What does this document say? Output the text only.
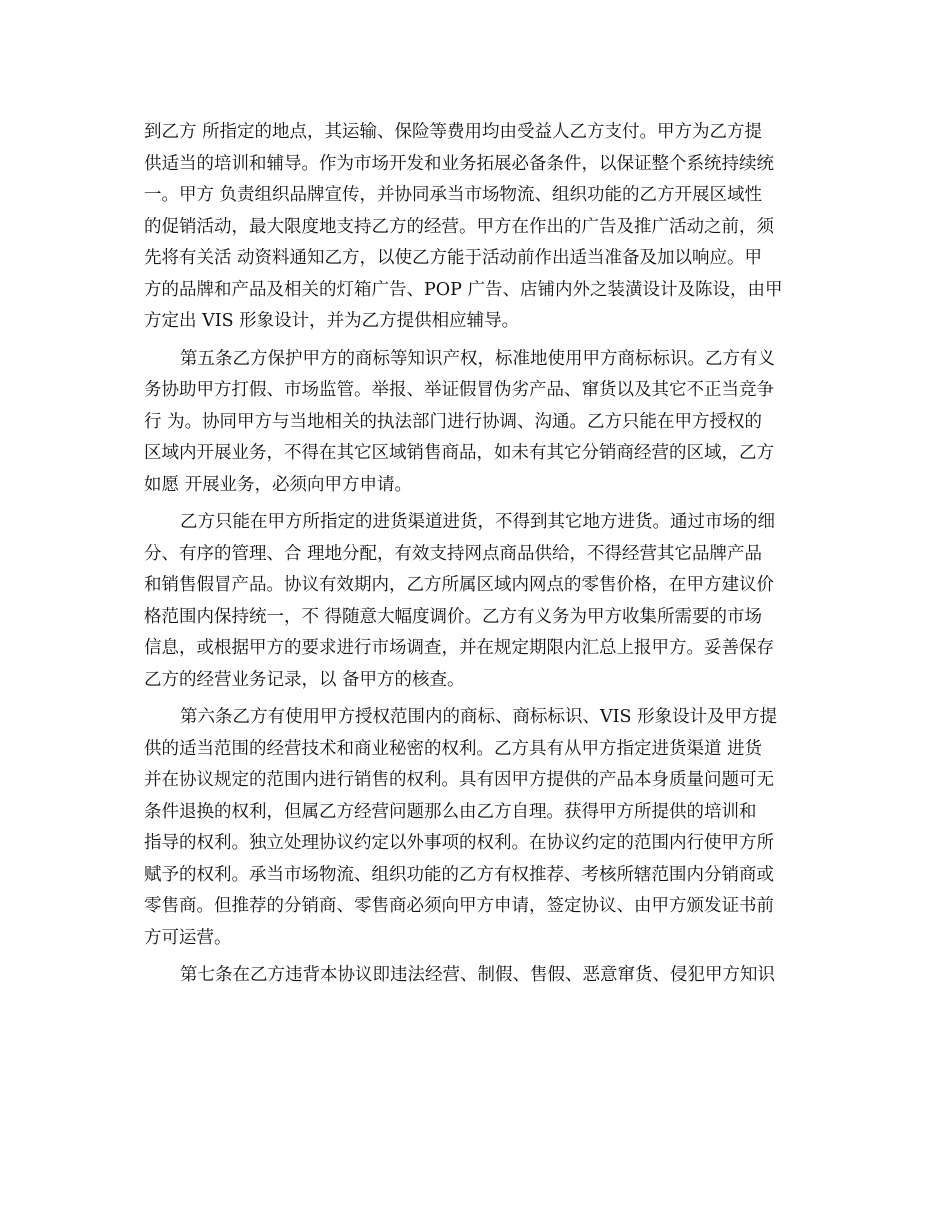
到乙方 所指定的地点，其运输、保险等费用均由受益人乙方支付。甲方为乙方提
供适当的培训和辅导。作为市场开发和业务拓展必备条件，以保证整个系统持续统
一。甲方 负责组织品牌宣传，并协同承当市场物流、组织功能的乙方开展区域性
的促销活动，最大限度地支持乙方的经营。甲方在作出的广告及推广活动之前，须
先将有关活 动资料通知乙方，以使乙方能于活动前作出适当准备及加以响应。甲
方的品牌和产品及相关的灯箱广告、POP 广告、店铺内外之装潢设计及陈设，由甲
方定出 VIS 形象设计，并为乙方提供相应辅导。
第五条乙方保护甲方的商标等知识产权，标准地使用甲方商标标识。乙方有义
务协助甲方打假、市场监管。举报、举证假冒伪劣产品、窜货以及其它不正当竞争
行 为。协同甲方与当地相关的执法部门进行协调、沟通。乙方只能在甲方授权的
区域内开展业务，不得在其它区域销售商品，如未有其它分销商经营的区域，乙方
如愿 开展业务，必须向甲方申请。
乙方只能在甲方所指定的进货渠道进货，不得到其它地方进货。通过市场的细
分、有序的管理、合 理地分配，有效支持网点商品供给，不得经营其它品牌产品
和销售假冒产品。协议有效期内，乙方所属区域内网点的零售价格，在甲方建议价
格范围内保持统一，不 得随意大幅度调价。乙方有义务为甲方收集所需要的市场
信息，或根据甲方的要求进行市场调查，并在规定期限内汇总上报甲方。妥善保存
乙方的经营业务记录，以 备甲方的核查。
第六条乙方有使用甲方授权范围内的商标、商标标识、VIS 形象设计及甲方提
供的适当范围的经营技术和商业秘密的权利。乙方具有从甲方指定进货渠道 进货
并在协议规定的范围内进行销售的权利。具有因甲方提供的产品本身质量问题可无
条件退换的权利，但属乙方经营问题那么由乙方自理。获得甲方所提供的培训和
指导的权利。独立处理协议约定以外事项的权利。在协议约定的范围内行使甲方所
赋予的权利。承当市场物流、组织功能的乙方有权推荐、考核所辖范围内分销商或
零售商。但推荐的分销商、零售商必须向甲方申请，签定协议、由甲方颁发证书前
方可运营。
第七条在乙方违背本协议即违法经营、制假、售假、恶意窜货、侵犯甲方知识
